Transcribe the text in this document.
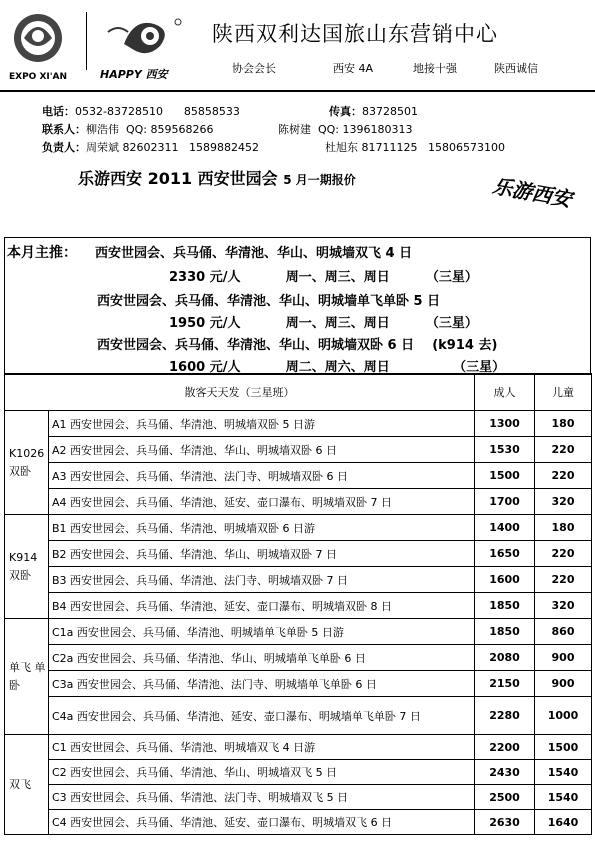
EXPO XI'AN	HAPPY 西安
陕西双利达国旅山东营销中心
协会会长	西安 4A	地接十强	陕西诚信
电话：0532-83728510      85858533	传真：83728501
联系人：柳浩伟  QQ: 859568266	陈树建  QQ: 1396180313
负责人：周荣斌 82602311   1589882452	杜旭东 81711125   15806573100
乐游西安 2011 西安世园会 5 月一期报价	乐游西安
本月主推： 西安世园会、兵马俑、华清池、华山、明城墙双飞 4 日
2330 元/人          周一、周三、周日        （三星）
西安世园会、兵马俑、华清池、华山、明城墙单飞单卧 5 日
1950 元/人          周一、周三、周日        （三星）
西安世园会、兵马俑、华清池、华山、明城墙双卧 6 日    (k914 去)
1600 元/人          周二、周六、周日              （三星）
散客天天发（三星班）		成人	儿童
K1026 双卧	A1 西安世园会、兵马俑、华清池、明城墙双卧 5 日游	1300	180
	A2 西安世园会、兵马俑、华清池、华山、明城墙双卧 6 日	1530	220
	A3 西安世园会、兵马俑、华清池、法门寺、明城墙双卧 6 日	1500	220
	A4 西安世园会、兵马俑、华清池、延安、壶口瀑布、明城墙双卧 7 日	1700	320
K914 双卧	B1 西安世园会、兵马俑、华清池、明城墙双卧 6 日游	1400	180
	B2 西安世园会、兵马俑、华清池、华山、明城墙双卧 7 日	1650	220
	B3 西安世园会、兵马俑、华清池、法门寺、明城墙双卧 7 日	1600	220
	B4 西安世园会、兵马俑、华清池、延安、壶口瀑布、明城墙双卧 8 日	1850	320
单飞 单卧	C1a 西安世园会、兵马俑、华清池、明城墙单飞单卧 5 日游	1850	860
	C2a 西安世园会、兵马俑、华清池、华山、明城墙单飞单卧 6 日	2080	900
	C3a 西安世园会、兵马俑、华清池、法门寺、明城墙单飞单卧 6 日	2150	900
	C4a 西安世园会、兵马俑、华清池、延安、壶口瀑布、明城墙单飞单卧 7 日	2280	1000
双飞	C1 西安世园会、兵马俑、华清池、明城墙双飞 4 日游	2200	1500
	C2 西安世园会、兵马俑、华清池、华山、明城墙双飞 5 日	2430	1540
	C3 西安世园会、兵马俑、华清池、法门寺、明城墙双飞 5 日	2500	1540
	C4 西安世园会、兵马俑、华清池、延安、壶口瀑布、明城墙双飞 6 日	2630	1640
